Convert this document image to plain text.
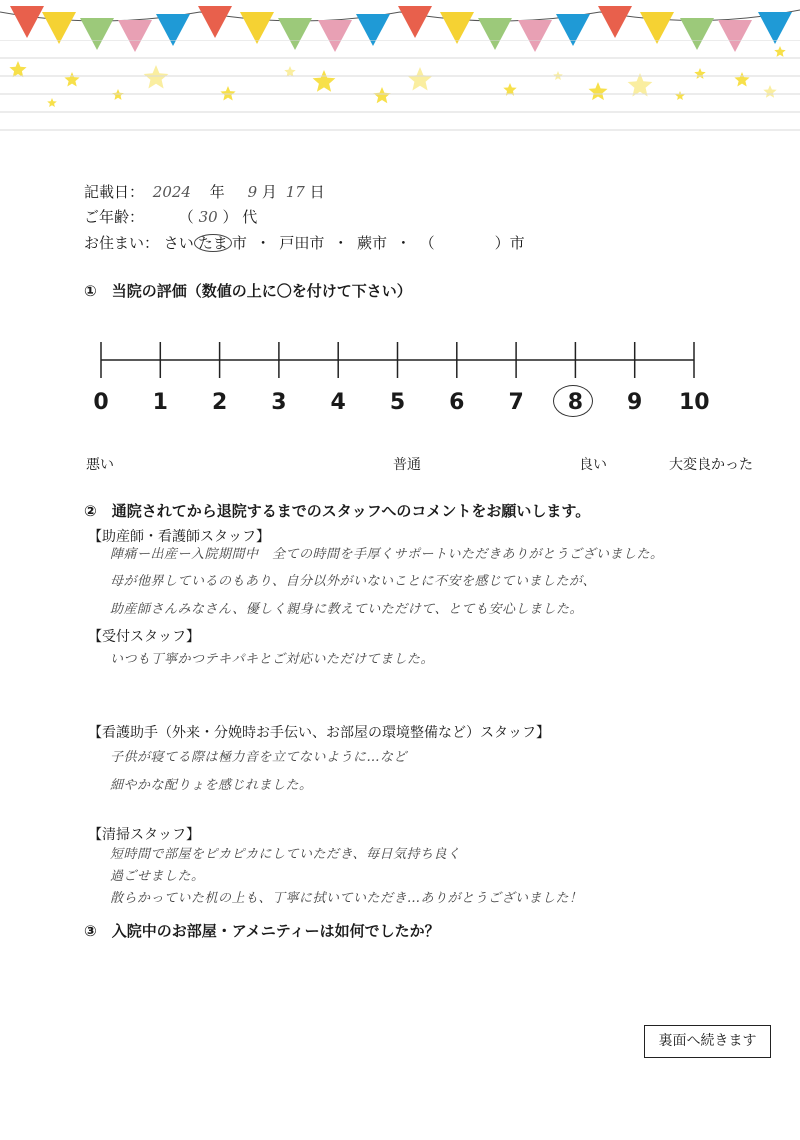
記載日： 2024 年 9 月 17 日
ご年齢： （ 30 ） 代
お住まい： さい たま 市 ・ 戸田市 ・ 蕨市 ・ （　　　　）市
①　当院の評価（数値の上に〇を付けて下さい）
0	1	2	3	4	5	6	7	8	9	10
悪い	普通	良い	大変良かった
②　通院されてから退院するまでのスタッフへのコメントをお願いします。
【助産師・看護師スタッフ】
陣痛ー出産ー入院期間中　全ての時間を手厚くサポートいただきありがとうございました。
母が他界しているのもあり、自分以外がいないことに不安を感じていましたが、
助産師さんみなさん、優しく親身に教えていただけて、とても安心しました。
【受付スタッフ】
いつも丁寧かつテキパキとご対応いただけてました。
【看護助手（外来・分娩時お手伝い、お部屋の環境整備など）スタッフ】
子供が寝てる際は極力音を立てないように…など
細やかな配りょを感じれました。
【清掃スタッフ】
短時間で部屋をピカピカにしていただき、毎日気持ち良く
過ごせました。
散らかっていた机の上も、丁寧に拭いていただき…ありがとうございました！
③　入院中のお部屋・アメニティーは如何でしたか？
裏面へ続きます
